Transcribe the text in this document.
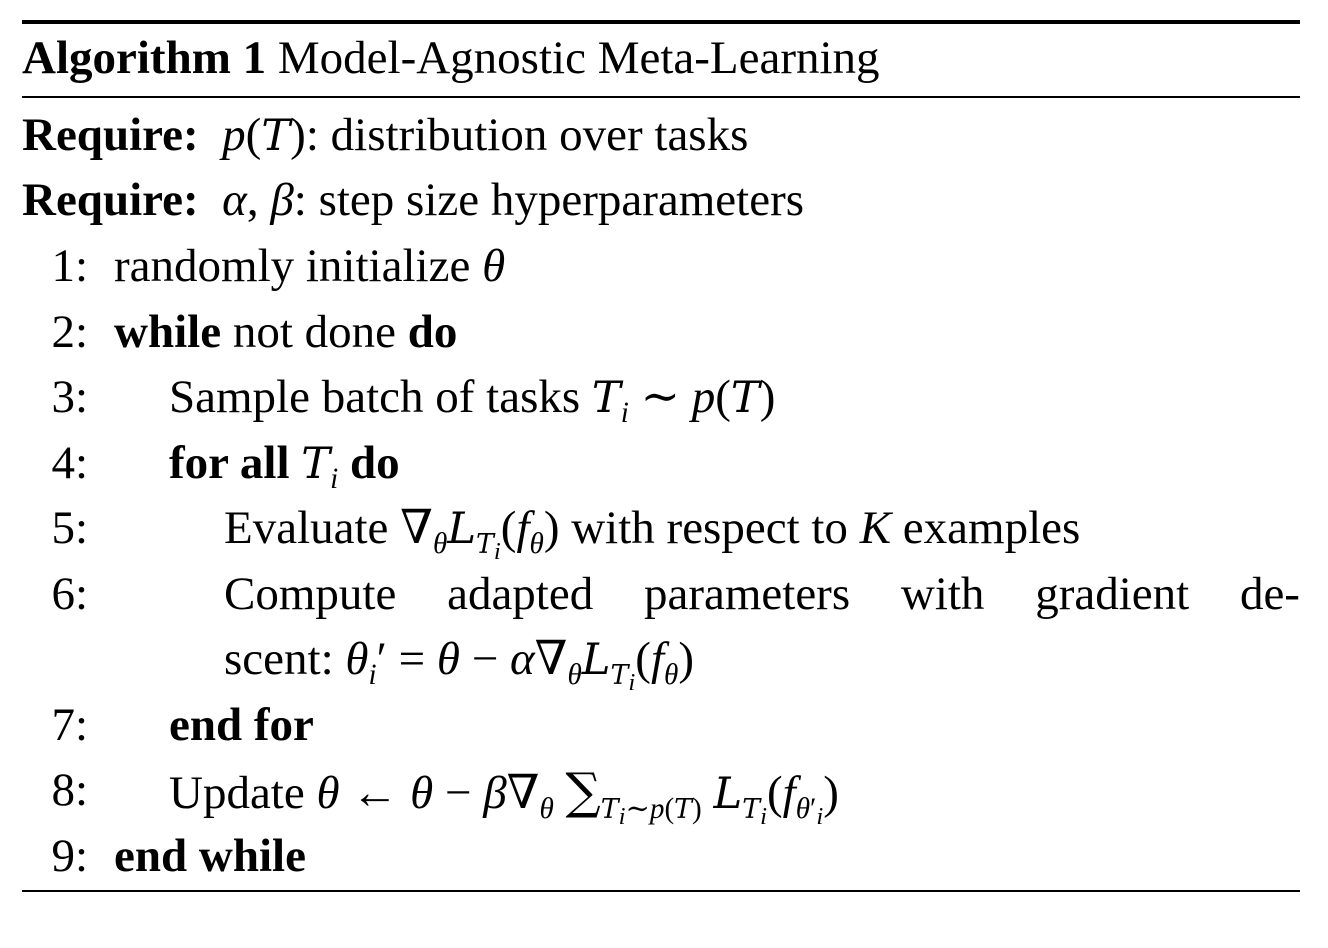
Algorithm 1 Model-Agnostic Meta-Learning
Require: p(T): distribution over tasks
Require: α, β: step size hyperparameters
1: randomly initialize θ
2: while not done do
3: Sample batch of tasks $T_i$ ∼ p(T)
4: for all $T_i$ do
5:	Evaluate $\nabla_\theta L_{T_i}(f_\theta)$ with respect to K examples
6:	Compute adapted parameters with gradient de-
scent: $\theta_i' = \theta - \alpha\nabla_\theta L_{T_i}(f_\theta)$
7: end for
8: Update θ ← $\theta - \beta\nabla_\theta$ $\sum_{T_i\sim p(T)}$ $L_{T_i}(f_{\theta'_i})$
9: end while
